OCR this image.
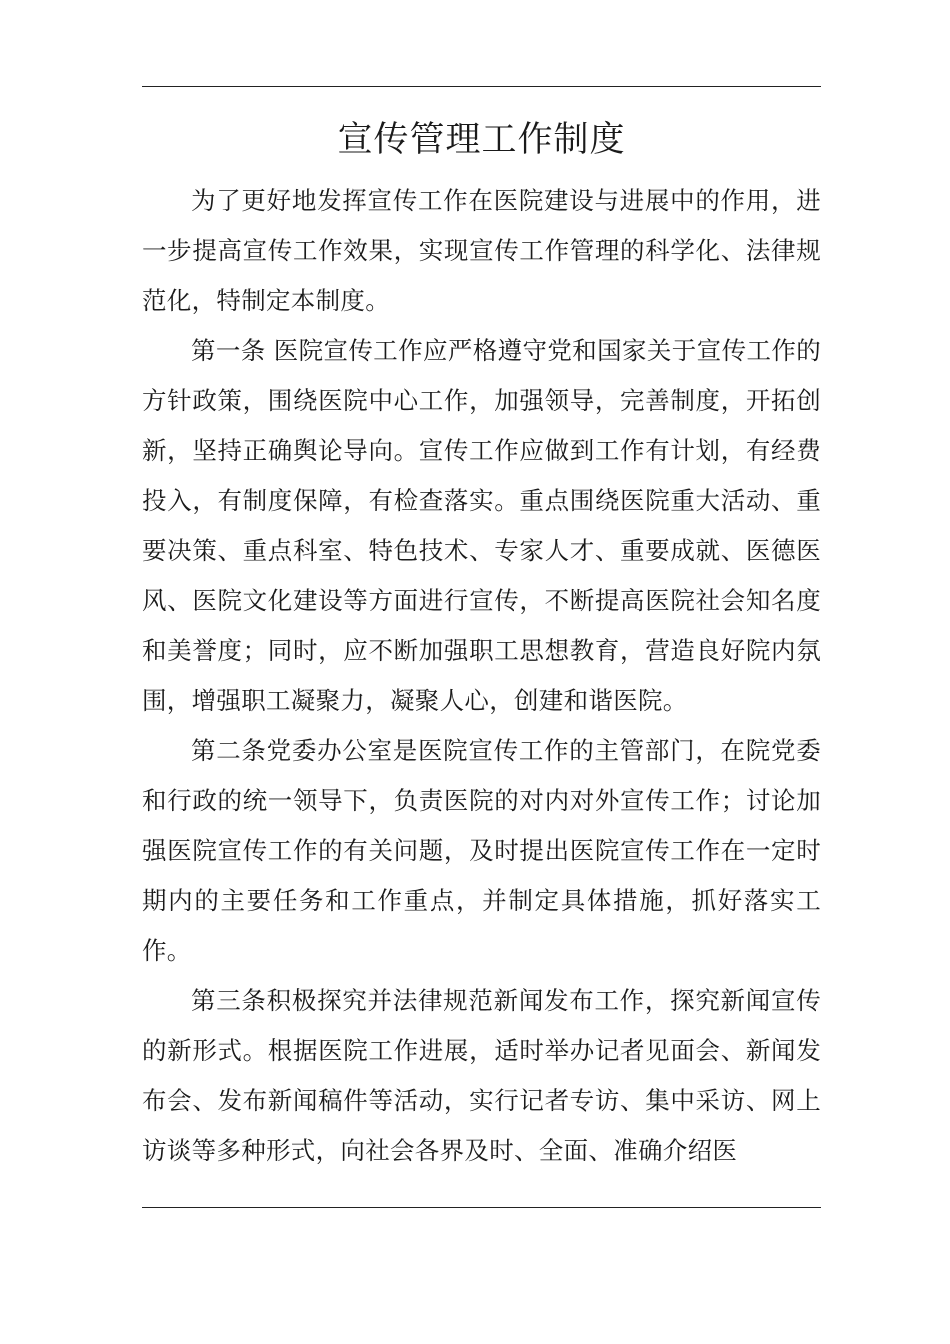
宣传管理工作制度

为了更好地发挥宣传工作在医院建设与进展中的作用，进一步提高宣传工作效果，实现宣传工作管理的科学化、法律规范化，特制定本制度。

第一条 医院宣传工作应严格遵守党和国家关于宣传工作的方针政策，围绕医院中心工作，加强领导，完善制度，开拓创新，坚持正确舆论导向。宣传工作应做到工作有计划，有经费投入，有制度保障，有检查落实。重点围绕医院重大活动、重要决策、重点科室、特色技术、专家人才、重要成就、医德医风、医院文化建设等方面进行宣传，不断提高医院社会知名度和美誉度；同时，应不断加强职工思想教育，营造良好院内氛围，增强职工凝聚力，凝聚人心，创建和谐医院。

第二条党委办公室是医院宣传工作的主管部门，在院党委和行政的统一领导下，负责医院的对内对外宣传工作；讨论加强医院宣传工作的有关问题，及时提出医院宣传工作在一定时期内的主要任务和工作重点，并制定具体措施，抓好落实工作。

第三条积极探究并法律规范新闻发布工作，探究新闻宣传的新形式。根据医院工作进展，适时举办记者见面会、新闻发布会、发布新闻稿件等活动，实行记者专访、集中采访、网上访谈等多种形式，向社会各界及时、全面、准确介绍医
